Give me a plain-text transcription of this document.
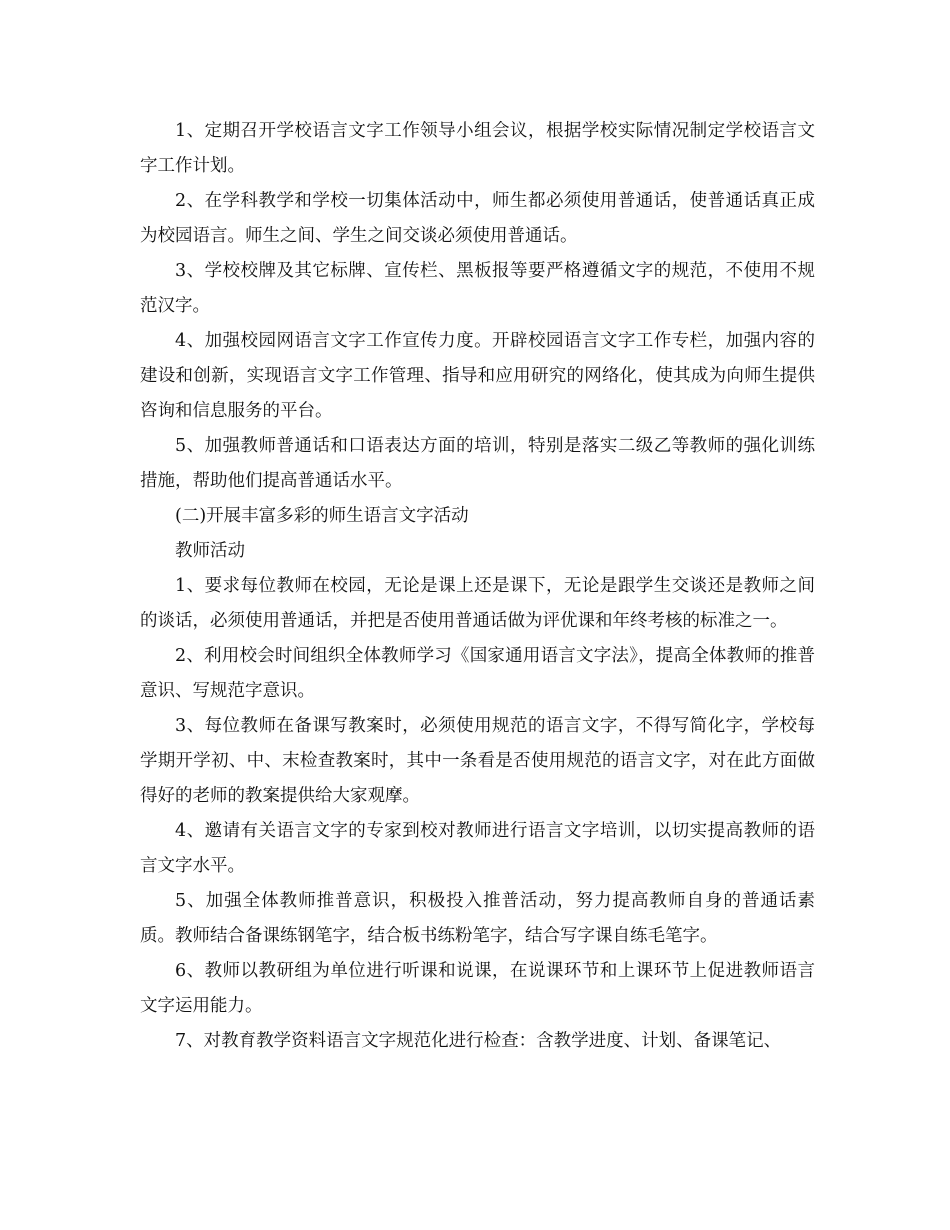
1、定期召开学校语言文字工作领导小组会议，根据学校实际情况制定学校语言文字工作计划。

2、在学科教学和学校一切集体活动中，师生都必须使用普通话，使普通话真正成为校园语言。师生之间、学生之间交谈必须使用普通话。

3、学校校牌及其它标牌、宣传栏、黑板报等要严格遵循文字的规范，不使用不规范汉字。

4、加强校园网语言文字工作宣传力度。开辟校园语言文字工作专栏，加强内容的建设和创新，实现语言文字工作管理、指导和应用研究的网络化，使其成为向师生提供咨询和信息服务的平台。

5、加强教师普通话和口语表达方面的培训，特别是落实二级乙等教师的强化训练措施，帮助他们提高普通话水平。

(二)开展丰富多彩的师生语言文字活动

教师活动

1、要求每位教师在校园，无论是课上还是课下，无论是跟学生交谈还是教师之间的谈话，必须使用普通话，并把是否使用普通话做为评优课和年终考核的标准之一。

2、利用校会时间组织全体教师学习《国家通用语言文字法》，提高全体教师的推普意识、写规范字意识。

3、每位教师在备课写教案时，必须使用规范的语言文字，不得写简化字，学校每学期开学初、中、末检查教案时，其中一条看是否使用规范的语言文字，对在此方面做得好的老师的教案提供给大家观摩。

4、邀请有关语言文字的专家到校对教师进行语言文字培训，以切实提高教师的语言文字水平。

5、加强全体教师推普意识，积极投入推普活动，努力提高教师自身的普通话素质。教师结合备课练钢笔字，结合板书练粉笔字，结合写字课自练毛笔字。

6、教师以教研组为单位进行听课和说课，在说课环节和上课环节上促进教师语言文字运用能力。

7、对教育教学资料语言文字规范化进行检查：含教学进度、计划、备课笔记、
